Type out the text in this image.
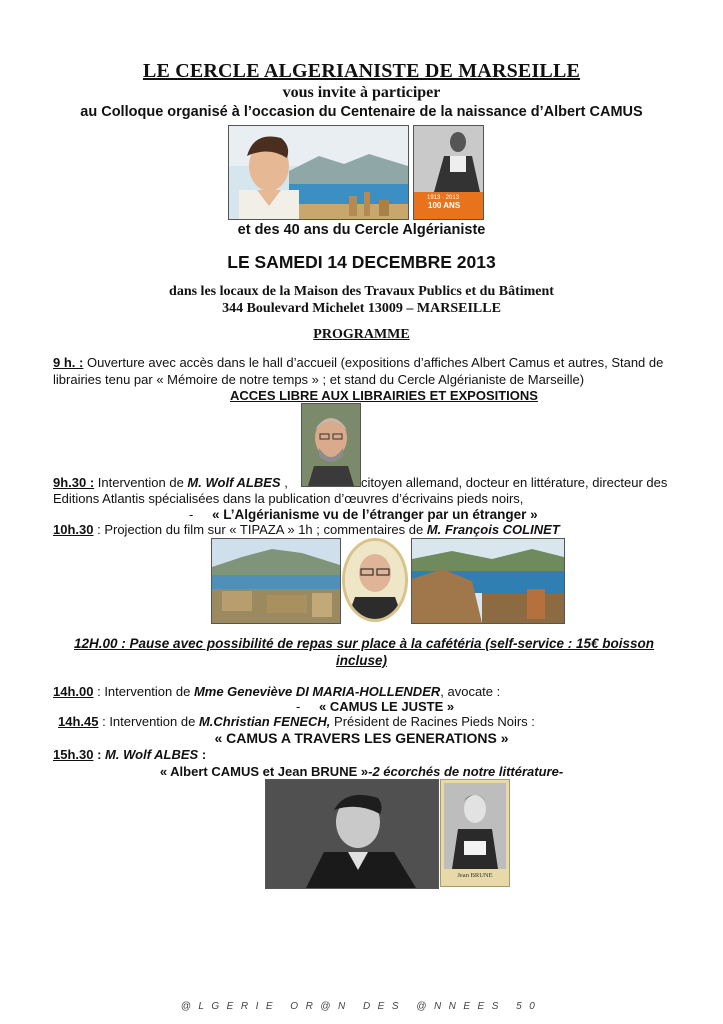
LE CERCLE ALGERIANISTE DE MARSEILLE
vous invite à participer
au Colloque organisé à l’occasion du Centenaire de la naissance d’Albert CAMUS
1913 · 2013
100 ANS
et des 40 ans du Cercle Algérianiste
LE SAMEDI 14 DECEMBRE 2013
dans les locaux de la Maison des Travaux Publics et du Bâtiment
344 Boulevard Michelet 13009 – MARSEILLE
PROGRAMME
9 h. : Ouverture avec accès dans le hall d’accueil (expositions d’affiches Albert Camus et autres, Stand de
librairies tenu par « Mémoire de notre temps » ; et stand du Cercle Algérianiste de Marseille)
ACCES LIBRE AUX LIBRAIRIES ET EXPOSITIONS
9h.30 : Intervention de M. Wolf ALBES ,	citoyen allemand, docteur en littérature, directeur des
Editions Atlantis spécialisées dans la publication d’œuvres d’écrivains pieds noirs,
- « L’Algérianisme vu de l’étranger par un étranger »
10h.30 : Projection du film sur « TIPAZA » 1h ; commentaires de M. François COLINET
12H.00 : Pause avec possibilité de repas sur place à la cafétéria (self-service : 15€ boisson
incluse)
14h.00 : Intervention de Mme Geneviève DI MARIA-HOLLENDER, avocate :
- « CAMUS LE JUSTE »
14h.45 : Intervention de M.Christian FENECH, Président de Racines Pieds Noirs :
« CAMUS A TRAVERS LES GENERATIONS »
15h.30 : M. Wolf ALBES :
« Albert CAMUS et Jean BRUNE »-2 écorchés de notre littérature-
Jean BRUNE
@LGERIE OR@N DES @NNEES 50
